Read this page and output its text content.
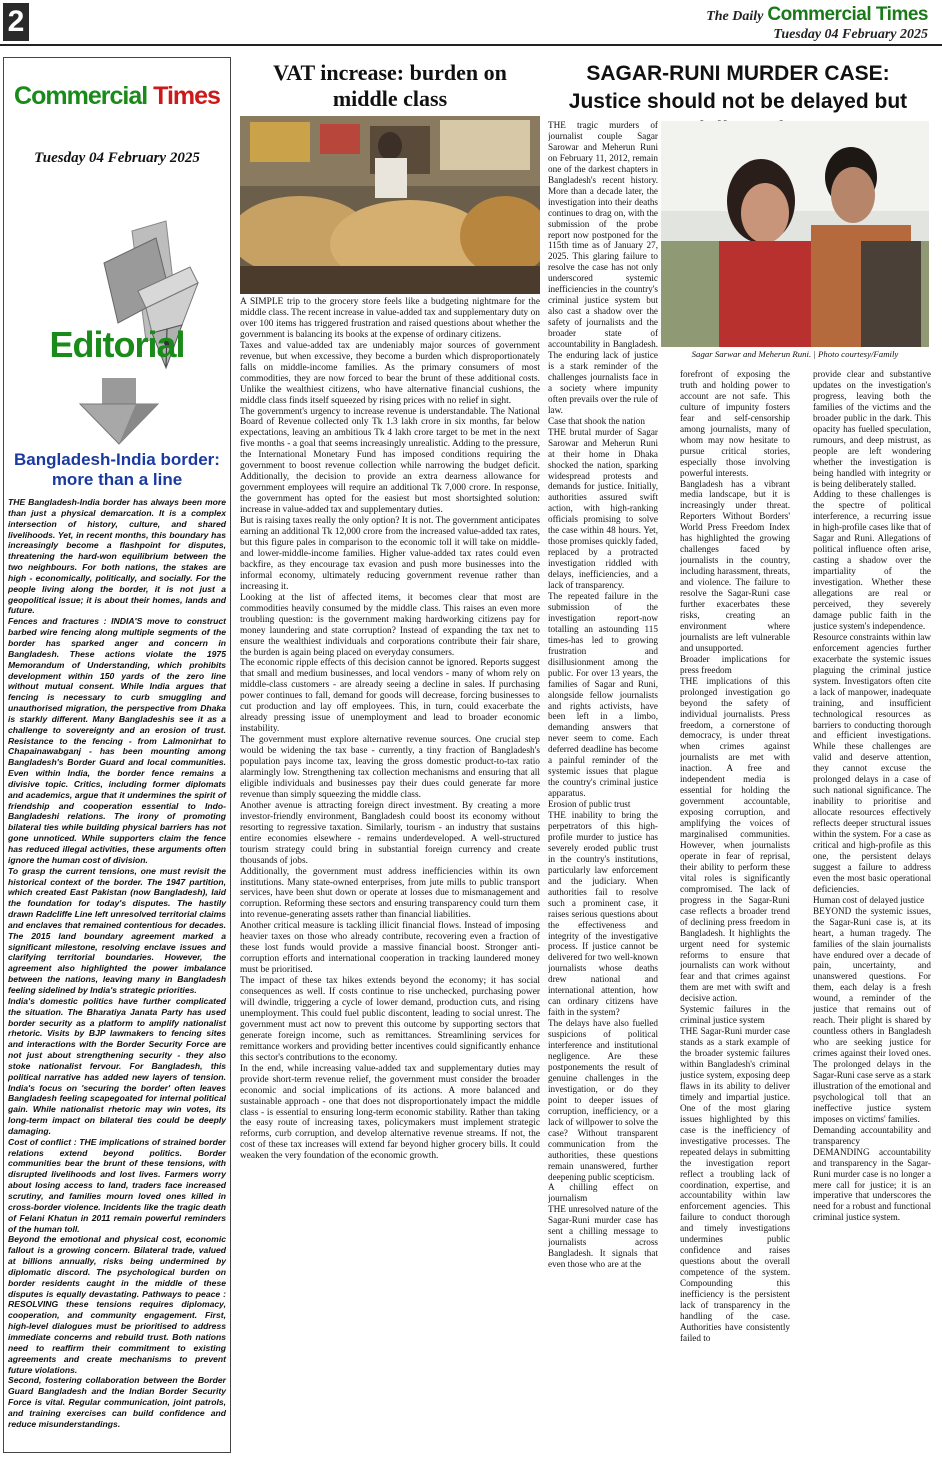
2	The Daily Commercial Times
Tuesday 04 February 2025
Commercial Times
Tuesday 04 February 2025
Editorial
Bangladesh-India border: more than a line

THE Bangladesh-India border has always been more than just a physical demarcation. It is a complex intersection of history, culture, and shared livelihoods. Yet, in recent months, this boundary has increasingly become a flashpoint for disputes, threatening the hard-won equilibrium between the two neighbours. For both nations, the stakes are high - economically, politically, and socially. For the people living along the border, it is not just a geopolitical issue; it is about their homes, lands and future.

Fences and fractures : INDIA'S move to construct barbed wire fencing along multiple segments of the border has sparked anger and concern in Bangladesh. These actions violate the 1975 Memorandum of Understanding, which prohibits development within 150 yards of the zero line without mutual consent. While India argues that fencing is necessary to curb smuggling and unauthorised migration, the perspective from Dhaka is starkly different. Many Bangladeshis see it as a challenge to sovereignty and an erosion of trust. Resistance to the fencing - from Lalmonirhat to Chapainawabganj - has been mounting among Bangladesh's Border Guard and local communities. Even within India, the border fence remains a divisive topic. Critics, including former diplomats and academics, argue that it undermines the spirit of friendship and cooperation essential to Indo-Bangladeshi relations. The irony of promoting bilateral ties while building physical barriers has not gone unnoticed. While supporters claim the fence has reduced illegal activities, these arguments often ignore the human cost of division.

To grasp the current tensions, one must revisit the historical context of the border. The 1947 partition, which created East Pakistan (now Bangladesh), laid the foundation for today's disputes. The hastily drawn Radcliffe Line left unresolved territorial claims and enclaves that remained contentious for decades. The 2015 land boundary agreement marked a significant milestone, resolving enclave issues and clarifying territorial boundaries. However, the agreement also highlighted the power imbalance between the nations, leaving many in Bangladesh feeling sidelined by India's strategic priorities.

India's domestic politics have further complicated the situation. The Bharatiya Janata Party has used border security as a platform to amplify nationalist rhetoric. Visits by BJP lawmakers to fencing sites and interactions with the Border Security Force are not just about strengthening security - they also stoke nationalist fervour. For Bangladesh, this political narrative has added new layers of tension. India's focus on 'securing the border' often leaves Bangladesh feeling scapegoated for internal political gain. While nationalist rhetoric may win votes, its long-term impact on bilateral ties could be deeply damaging.

Cost of conflict : THE implications of strained border relations extend beyond politics. Border communities bear the brunt of these tensions, with disrupted livelihoods and lost lives. Farmers worry about losing access to land, traders face increased scrutiny, and families mourn loved ones killed in cross-border violence. Incidents like the tragic death of Felani Khatun in 2011 remain powerful reminders of the human toll.

Beyond the emotional and physical cost, economic fallout is a growing concern. Bilateral trade, valued at billions annually, risks being undermined by diplomatic discord. The psychological burden on border residents caught in the middle of these disputes is equally devastating. Pathways to peace : RESOLVING these tensions requires diplomacy, cooperation, and community engagement. First, high-level dialogues must be prioritised to address immediate concerns and rebuild trust. Both nations need to reaffirm their commitment to existing agreements and create mechanisms to prevent future violations.

Second, fostering collaboration between the Border Guard Bangladesh and the Indian Border Security Force is vital. Regular communication, joint patrols, and training exercises can build confidence and reduce misunderstandings.

VAT increase: burden on middle class

A SIMPLE trip to the grocery store feels like a budgeting nightmare for the middle class. The recent increase in value-added tax and supplementary duty on over 100 items has triggered frustration and raised questions about whether the government is balancing its books at the expense of ordinary citizens.

Taxes and value-added tax are undeniably major sources of government revenue, but when excessive, they become a burden which disproportionately falls on middle-income families. As the primary consumers of most commodities, they are now forced to bear the brunt of these additional costs. Unlike the wealthiest citizens, who have alternative financial cushions, the middle class finds itself squeezed by rising prices with no relief in sight.

The government's urgency to increase revenue is understandable. The National Board of Revenue collected only Tk 1.3 lakh crore in six months, far below expectations, leaving an ambitious Tk 4 lakh crore target to be met in the next five months - a goal that seems increasingly unrealistic. Adding to the pressure, the International Monetary Fund has imposed conditions requiring the government to boost revenue collection while narrowing the budget deficit. Additionally, the decision to provide an extra dearness allowance for government employees will require an additional Tk 7,000 crore. In response, the government has opted for the easiest but most shortsighted solution: increase in value-added tax and supplementary duties.

But is raising taxes really the only option? It is not. The government anticipates earning an additional Tk 12,000 crore from the increased value-added tax rates, but this figure pales in comparison to the economic toll it will take on middle- and lower-middle-income families. Higher value-added tax rates could even backfire, as they encourage tax evasion and push more businesses into the informal economy, ultimately reducing government revenue rather than increasing it.

Looking at the list of affected items, it becomes clear that most are commodities heavily consumed by the middle class. This raises an even more troubling question: is the government making hardworking citizens pay for money laundering and state corruption? Instead of expanding the tax net to ensure the wealthiest individuals and corporations contribute their fair share, the burden is again being placed on everyday consumers.

The economic ripple effects of this decision cannot be ignored. Reports suggest that small and medium businesses, and local vendors - many of whom rely on middle-class customers - are already seeing a decline in sales. If purchasing power continues to fall, demand for goods will decrease, forcing businesses to cut production and lay off employees. This, in turn, could exacerbate the already pressing issue of unemployment and lead to broader economic instability.

The government must explore alternative revenue sources. One crucial step would be widening the tax base - currently, a tiny fraction of Bangladesh's population pays income tax, leaving the gross domestic product-to-tax ratio alarmingly low. Strengthening tax collection mechanisms and ensuring that all eligible individuals and businesses pay their dues could generate far more revenue than simply squeezing the middle class.

Another avenue is attracting foreign direct investment. By creating a more investor-friendly environment, Bangladesh could boost its economy without resorting to regressive taxation. Similarly, tourism - an industry that sustains entire economies elsewhere - remains underdeveloped. A well-structured tourism strategy could bring in substantial foreign currency and create thousands of jobs.

Additionally, the government must address inefficiencies within its own institutions. Many state-owned enterprises, from jute mills to public transport services, have been shut down or operate at losses due to mismanagement and corruption. Reforming these sectors and ensuring transparency could turn them into revenue-generating assets rather than financial liabilities.

Another critical measure is tackling illicit financial flows. Instead of imposing heavier taxes on those who already contribute, recovering even a fraction of these lost funds would provide a massive financial boost. Stronger anti-corruption efforts and international cooperation in tracking laundered money must be prioritised.

The impact of these tax hikes extends beyond the economy; it has social consequences as well. If costs continue to rise unchecked, purchasing power will dwindle, triggering a cycle of lower demand, production cuts, and rising unemployment. This could fuel public discontent, leading to social unrest. The government must act now to prevent this outcome by supporting sectors that generate foreign income, such as remittances. Streamlining services for remittance workers and providing better incentives could significantly enhance this sector's contributions to the economy.

In the end, while increasing value-added tax and supplementary duties may provide short-term revenue relief, the government must consider the broader economic and social implications of its actions. A more balanced and sustainable approach - one that does not disproportionately impact the middle class - is essential to ensuring long-term economic stability. Rather than taking the easy route of increasing taxes, policymakers must implement strategic reforms, curb corruption, and develop alternative revenue streams. If not, the cost of these tax increases will extend far beyond higher grocery bills. It could weaken the very foundation of the economic growth.

SAGAR-RUNI MURDER CASE: Justice should not be delayed but

THE tragic murders of journalist couple Sagar Sarowar and Meherun Runi on February 11, 2012, remain one of the darkest chapters in Bangladesh's recent history. More than a decade later, the investigation into their deaths continues to drag on, with the submission of the probe report now postponed for the 115th time as of January 27, 2025. This glaring failure to resolve the case has not only underscored systemic inefficiencies in the country's criminal justice system but also cast a shadow over the safety of journalists and the broader state of accountability in Bangladesh. The enduring lack of justice is a stark reminder of the challenges journalists face in a society where impunity often prevails over the rule of law.

Case that shook the nation

THE brutal murder of Sagar Sarowar and Meherun Runi at their home in Dhaka shocked the nation, sparking widespread protests and demands for justice. Initially, authorities assured swift action, with high-ranking officials promising to solve the case within 48 hours. Yet, those promises quickly faded, replaced by a protracted investigation riddled with delays, inefficiencies, and a lack of transparency.

The repeated failure in the submission of the investigation report-now totalling an astounding 115 times-has led to growing frustration and disillusionment among the public. For over 13 years, the families of Sagar and Runi, alongside fellow journalists and rights activists, have been left in a limbo, demanding answers that never seem to come. Each deferred deadline has become a painful reminder of the systemic issues that plague the country's criminal justice apparatus.

Erosion of public trust

THE inability to bring the perpetrators of this high-profile murder to justice has severely eroded public trust in the country's institutions, particularly law enforcement and the judiciary. When authorities fail to resolve such a prominent case, it raises serious questions about the effectiveness and integrity of the investigative process. If justice cannot be delivered for two well-known journalists whose deaths drew national and international attention, how can ordinary citizens have faith in the system?

The delays have also fuelled suspicions of political interference and institutional negligence. Are these postponements the result of genuine challenges in the investigation, or do they point to deeper issues of corruption, inefficiency, or a lack of willpower to solve the case? Without transparent communication from the authorities, these questions remain unanswered, further deepening public scepticism.

A chilling effect on journalism

THE unresolved nature of the Sagar-Runi murder case has sent a chilling message to journalists across Bangladesh. It signals that even those who are at the

Sagar Sarwar and Meherun Runi. | Photo courtesy/Family

forefront of exposing the truth and holding power to account are not safe. This culture of impunity fosters fear and self-censorship among journalists, many of whom may now hesitate to pursue critical stories, especially those involving powerful interests.

Bangladesh has a vibrant media landscape, but it is increasingly under threat. Reporters Without Borders' World Press Freedom Index has highlighted the growing challenges faced by journalists in the country, including harassment, threats, and violence. The failure to resolve the Sagar-Runi case further exacerbates these risks, creating an environment where journalists are left vulnerable and unsupported.

Broader implications for press freedom

THE implications of this prolonged investigation go beyond the safety of individual journalists. Press freedom, a cornerstone of democracy, is under threat when crimes against journalists are met with inaction. A free and independent media is essential for holding the government accountable, exposing corruption, and amplifying the voices of marginalised communities. However, when journalists operate in fear of reprisal, their ability to perform these vital roles is significantly compromised. The lack of progress in the Sagar-Runi case reflects a broader trend of declining press freedom in Bangladesh. It highlights the urgent need for systemic reforms to ensure that journalists can work without fear and that crimes against them are met with swift and decisive action.

Systemic failures in the criminal justice system

THE Sagar-Runi murder case stands as a stark example of the broader systemic failures within Bangladesh's criminal justice system, exposing deep flaws in its ability to deliver timely and impartial justice. One of the most glaring issues highlighted by this case is the inefficiency of investigative processes. The repeated delays in submitting the investigation report reflect a troubling lack of coordination, expertise, and accountability within law enforcement agencies. This failure to conduct thorough and timely investigations undermines public confidence and raises questions about the overall competence of the system. Compounding this inefficiency is the persistent lack of transparency in the handling of the case. Authorities have consistently failed to

provide clear and substantive updates on the investigation's progress, leaving both the families of the victims and the broader public in the dark. This opacity has fuelled speculation, rumours, and deep mistrust, as people are left wondering whether the investigation is being handled with integrity or is being deliberately stalled.

Adding to these challenges is the spectre of political interference, a recurring issue in high-profile cases like that of Sagar and Runi. Allegations of political influence often arise, casting a shadow over the impartiality of the investigation. Whether these allegations are real or perceived, they severely damage public faith in the justice system's independence.

Resource constraints within law enforcement agencies further exacerbate the systemic issues plaguing the criminal justice system. Investigators often cite a lack of manpower, inadequate training, and insufficient technological resources as barriers to conducting thorough and efficient investigations. While these challenges are valid and deserve attention, they cannot excuse the prolonged delays in a case of such national significance. The inability to prioritise and allocate resources effectively reflects deeper structural issues within the system. For a case as critical and high-profile as this one, the persistent delays suggest a failure to address even the most basic operational deficiencies.

Human cost of delayed justice

BEYOND the systemic issues, the Sagar-Runi case is, at its heart, a human tragedy. The families of the slain journalists have endured over a decade of pain, uncertainty, and unanswered questions. For them, each delay is a fresh wound, a reminder of the justice that remains out of reach. Their plight is shared by countless others in Bangladesh who are seeking justice for crimes against their loved ones. The prolonged delays in the Sagar-Runi case serve as a stark illustration of the emotional and psychological toll that an ineffective justice system imposes on victims' families.

Demanding accountability and transparency

DEMANDING accountability and transparency in the Sagar-Runi murder case is no longer a mere call for justice; it is an imperative that underscores the need for a robust and functional criminal justice system.
